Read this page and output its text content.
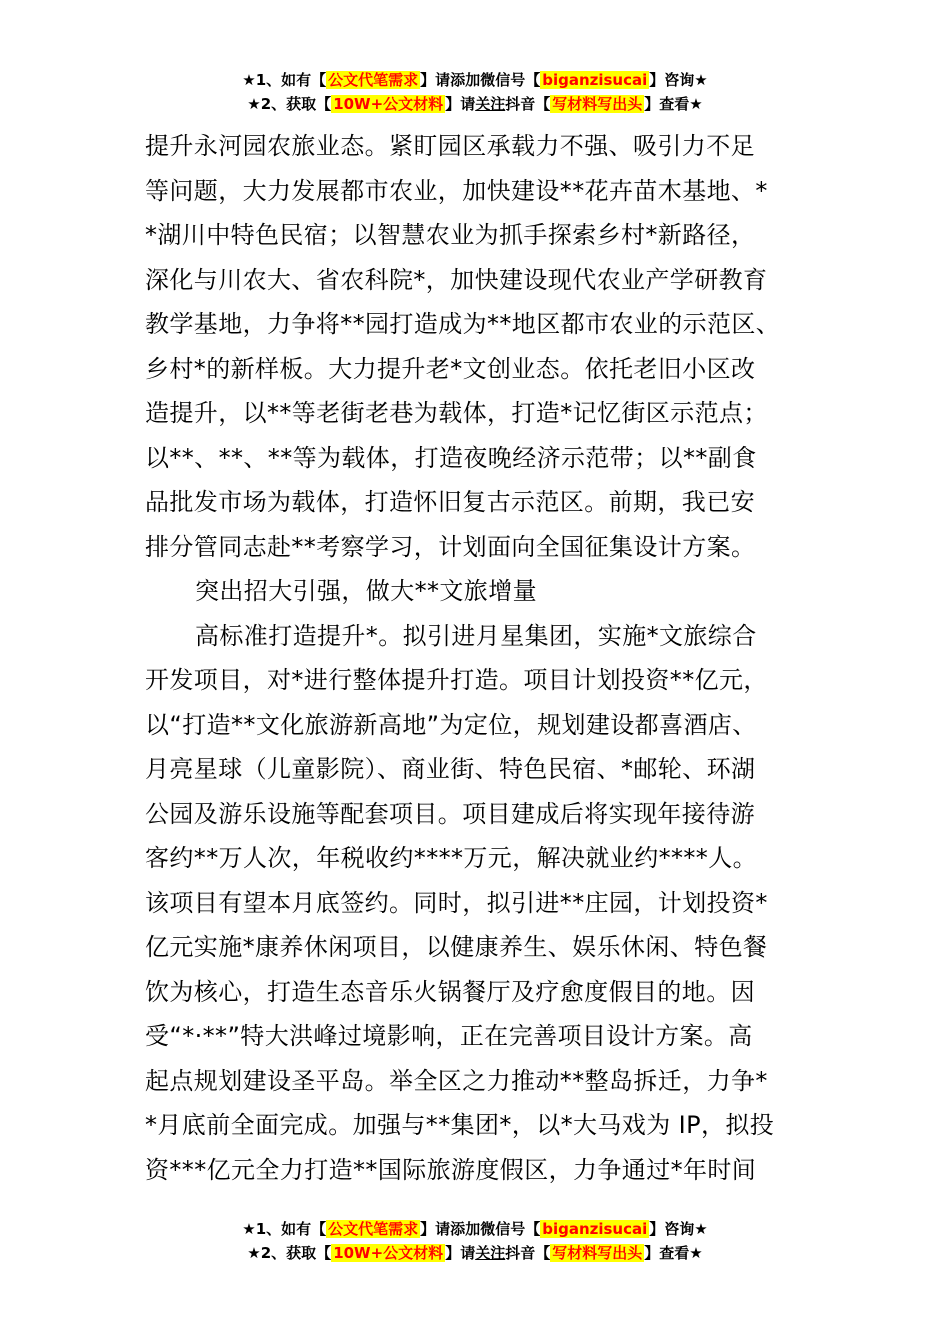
★1、如有【 公文代笔需求 】请添加微信号【 biganzisucai 】咨询★
★2、获取【 10W+公文材料 】请关注抖音【 写材料写出头 】查看★
提升永河园农旅业态。紧盯园区承载力不强、吸引力不足
等问题，大力发展都市农业，加快建设**花卉苗木基地、*
*湖川中特色民宿；以智慧农业为抓手探索乡村*新路径，
深化与川农大、省农科院*，加快建设现代农业产学研教育
教学基地，力争将**园打造成为**地区都市农业的示范区、
乡村*的新样板。大力提升老*文创业态。依托老旧小区改
造提升，以**等老街老巷为载体，打造*记忆街区示范点；
以**、**、**等为载体，打造夜晚经济示范带；以**副食
品批发市场为载体，打造怀旧复古示范区。前期，我已安
排分管同志赴**考察学习，计划面向全国征集设计方案。
突出招大引强，做大**文旅增量
高标准打造提升*。拟引进月星集团，实施*文旅综合
开发项目，对*进行整体提升打造。项目计划投资**亿元，
以“打造**文化旅游新高地”为定位，规划建设都喜酒店、
月亮星球（儿童影院）、商业街、特色民宿、*邮轮、环湖
公园及游乐设施等配套项目。项目建成后将实现年接待游
客约**万人次，年税收约****万元，解决就业约****人。
该项目有望本月底签约。同时，拟引进**庄园，计划投资*
亿元实施*康养休闲项目，以健康养生、娱乐休闲、特色餐
饮为核心，打造生态音乐火锅餐厅及疗愈度假目的地。因
受“*·**”特大洪峰过境影响，正在完善项目设计方案。高
起点规划建设圣平岛。举全区之力推动**整岛拆迁，力争*
*月底前全面完成。加强与**集团*，以*大马戏为 IP，拟投
资***亿元全力打造**国际旅游度假区，力争通过*年时间
★1、如有【 公文代笔需求 】请添加微信号【 biganzisucai 】咨询★
★2、获取【 10W+公文材料 】请关注抖音【 写材料写出头 】查看★
